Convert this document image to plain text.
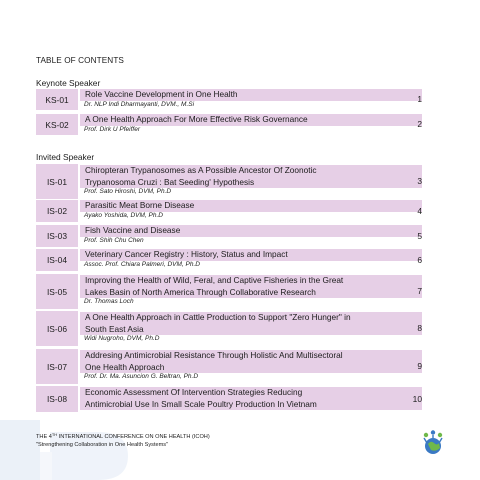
TABLE OF CONTENTS
Keynote Speaker
KS-01
Role Vaccine Development in One Health
Dr. NLP Indi Dharmayanti, DVM., M.Si	1
KS-02
A One Health Approach For More Effective Risk Governance
Prof. Dirk U Pfeiffer	2
Invited Speaker
IS-01
Chiropteran Trypanosomes as A Possible Ancestor Of Zoonotic
Trypanosoma Cruzi : Bat Seeding' Hypothesis
Prof. Sato Hiroshi, DVM, Ph.D
3
IS-02
Parasitic Meat Borne Disease
Ayako Yoshida, DVM, Ph.D	4
IS-03
Fish Vaccine and Disease
Prof. Shih Chu Chen	5
IS-04
Veterinary Cancer Registry : History, Status and Impact
Assoc. Prof. Chiara Palmeri, DVM, Ph.D	6
IS-05
Improving the Health of Wild, Feral, and Captive Fisheries in the Great
Lakes Basin of North America Through Collaborative Research
Dr. Thomas Loch
7
IS-06
A One Health Approach in Cattle Production to Support "Zero Hunger" in
South East Asia
Widi Nugroho, DVM, Ph.D
8
IS-07
Addresing Antimicrobial Resistance Through Holistic And Multisectoral
One Health Approach
Prof. Dr. Ma. Asuncion G. Beltran, Ph.D
9
IS-08
Economic Assessment Of Intervention Strategies Reducing
Antimicrobial Use In Small Scale Poultry Production In Vietnam	10
THE 4TH INTERNATIONAL CONFERENCE ON ONE HEALTH (ICOH)
"Strengthening Collaboration in One Health Systems"
